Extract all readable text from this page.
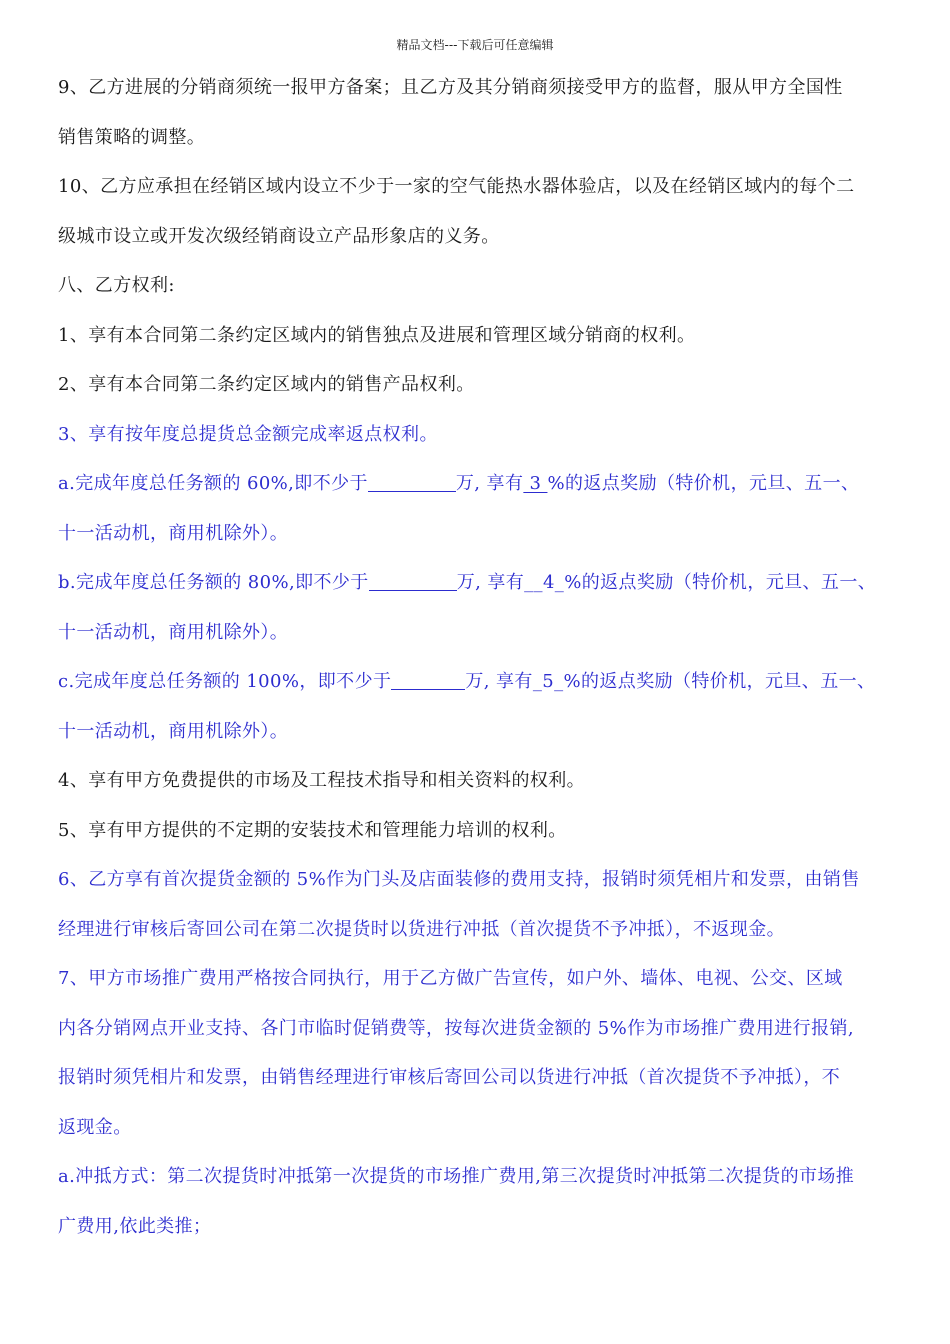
精品文档---下载后可任意编辑
9、乙方进展的分销商须统一报甲方备案；且乙方及其分销商须接受甲方的监督，服从甲方全国性
销售策略的调整。
10、乙方应承担在经销区域内设立不少于一家的空气能热水器体验店，以及在经销区域内的每个二
级城市设立或开发次级经销商设立产品形象店的义务。
八、乙方权利:
1、享有本合同第二条约定区域内的销售独点及进展和管理区域分销商的权利。
2、享有本合同第二条约定区域内的销售产品权利。
3、享有按年度总提货总金额完成率返点权利。
a.完成年度总任务额的 60%,即不少于	万, 享有 3 %的返点奖励（特价机，元旦、五一、
十一活动机，商用机除外）。
b.完成年度总任务额的 80%,即不少于	万, 享有__4_%的返点奖励（特价机，元旦、五一、
十一活动机，商用机除外）。
c.完成年度总任务额的 100%，即不少于	万, 享有_5_%的返点奖励（特价机，元旦、五一、
十一活动机，商用机除外）。
4、享有甲方免费提供的市场及工程技术指导和相关资料的权利。
5、享有甲方提供的不定期的安装技术和管理能力培训的权利。
6、乙方享有首次提货金额的 5%作为门头及店面装修的费用支持，报销时须凭相片和发票，由销售
经理进行审核后寄回公司在第二次提货时以货进行冲抵（首次提货不予冲抵），不返现金。
7、甲方市场推广费用严格按合同执行，用于乙方做广告宣传，如户外、墙体、电视、公交、区域
内各分销网点开业支持、各门市临时促销费等，按每次进货金额的 5%作为市场推广费用进行报销,
报销时须凭相片和发票，由销售经理进行审核后寄回公司以货进行冲抵（首次提货不予冲抵），不
返现金。
a.冲抵方式：第二次提货时冲抵第一次提货的市场推广费用,第三次提货时冲抵第二次提货的市场推
广费用,依此类推；
